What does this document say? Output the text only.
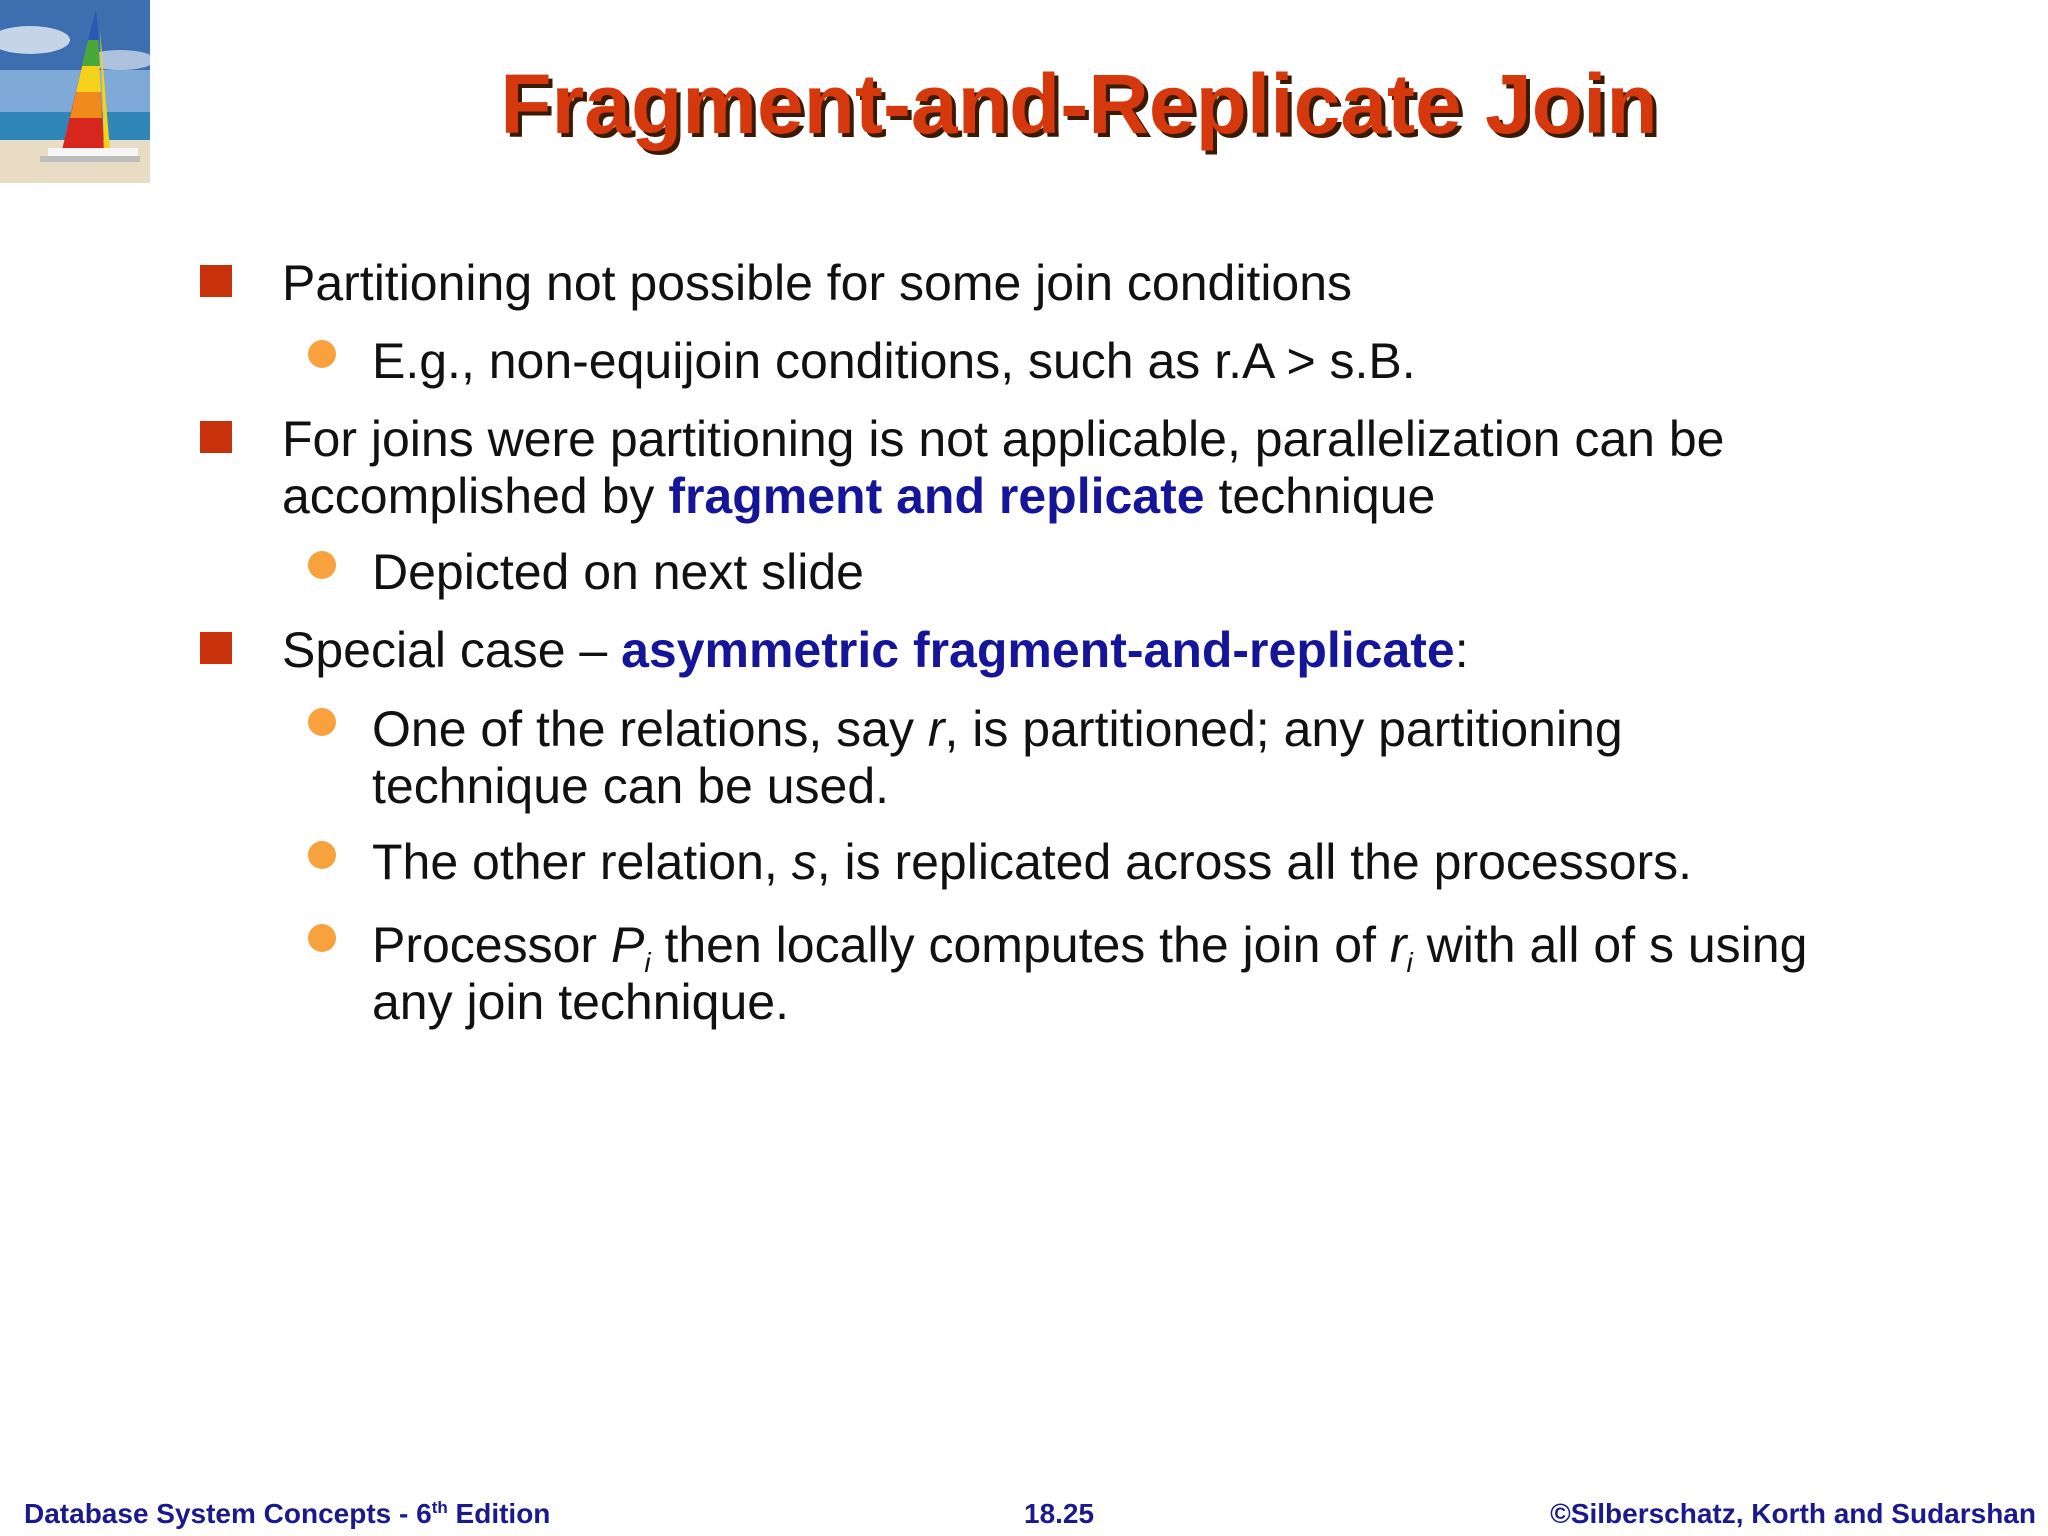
Fragment-and-Replicate Join
Partitioning not possible for some join conditions
E.g., non-equijoin conditions, such as r.A > s.B.
For joins were partitioning is not applicable, parallelization can be
accomplished by fragment and replicate technique
Depicted on next slide
Special case – asymmetric fragment-and-replicate:
One of the relations, say r, is partitioned; any partitioning
technique can be used.
The other relation, s, is replicated across all the processors.
Processor $P_i$ then locally computes the join of $r_i$ with all of s using
any join technique.
Database System Concepts - 6th Edition	18.25	©Silberschatz, Korth and Sudarshan
